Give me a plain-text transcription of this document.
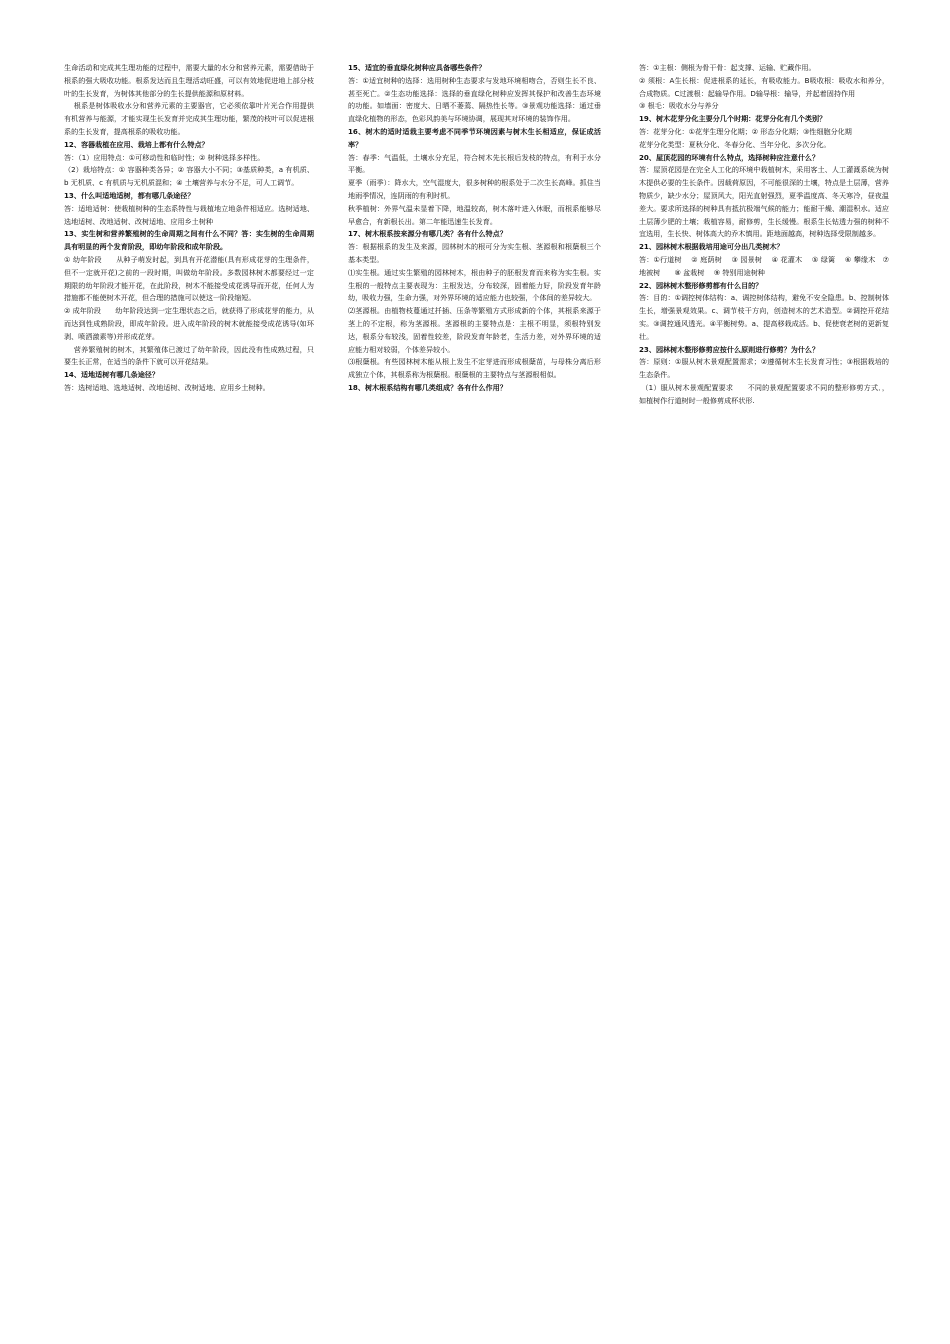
生命活动和完成其生理功能的过程中，需要大量的水分和营养元素，需要借助于根系的强大吸收功能。根系发达而且生理活动旺盛，可以有效地促进地上部分枝叶的生长发育，为树体其他部分的生长提供能源和原材料。

根系是树体吸收水分和营养元素的主要器官，它必须依靠叶片光合作用提供有机营养与能源，才能实现生长发育并完成其生理功能，繁茂的枝叶可以促进根系的生长发育，提高根系的吸收功能。

12、容器栽植在应用、栽培上都有什么特点？

答：（1）应用特点：①可移动性和临时性；② 树种选择多样性。

（2）栽培特点：① 容器种类各异；② 容器大小不同；③基质种类，a 有机质、b 无机质、c 有机质与无机质混和；④ 土壤营养与水分不足，可人工调节。

13、什么叫适地适树，都有哪几条途径？

答：适地适树：使栽植树种的生态系特性与栽植地立地条件相适应。选树适地、选地适树、改地适树、改树适地、应用乡土树种

13、实生树和营养繁殖树的生命周期之间有什么不同？答：实生树的生命周期具有明显的两个发育阶段，即幼年阶段和成年阶段。

① 幼年阶段　　从种子萌发时起，到具有开花潜能(具有形成花芽的生理条件，但不一定就开花)之前的一段时期，叫做幼年阶段。多数园林树木都要经过一定期限的幼年阶段才能开花，在此阶段，树木不能接受成花诱导而开花，任何人为措施都不能使树木开花，但合理的措施可以使这一阶段缩短。

② 成年阶段　　幼年阶段达到一定生理状态之后，就获得了形成花芽的能力，从而达到性成熟阶段，即成年阶段。进入成年阶段的树木就能接受成花诱导(如环剥、喷洒激素等)并形成花芽。

营养繁殖树的树木，其繁殖体已渡过了幼年阶段，因此没有性成熟过程，只要生长正常，在适当的条件下就可以开花结果。

14、适地适树有哪几条途径？

答：选树适地、选地适树、改地适树、改树适地、应用乡土树种。

15、适宜的垂直绿化树种应具备哪些条件？

答：①适宜树种的选择：选用树种生态要求与发地环境相吻合，否则生长不良、甚至死亡。②生态功能选择：选择的垂直绿化树种应发挥其保护和改善生态环境的功能。如墙面：密度大、日晒不萎蔫、隔热性长等。③景观功能选择：通过垂直绿化植物的形态，色彩风韵美与环境协调，展现其对环境的装饰作用。

16、树木的适时适栽主要考虑不同季节环境因素与树木生长相适应，保证成活率？

答：春季：气温低，土壤水分充足，符合树木先长根后发枝的特点，有利于水分平衡。

夏季（雨季）：降水大，空气湿度大，很多树种的根系处于二次生长高峰。抓住当地雨季情况，连阴雨的有利时机。

秋季植树：外界气温未显着下降，地温较高，树木落叶进入休眠，而根系能够尽早愈合，有新根长出。第二年能迅速生长发育。

17、树木根系按来源分有哪几类？各有什么特点？

答：根据根系的发生及来源，园林树木的根可分为实生根、茎源根和根蘖根三个基本类型。

⑴实生根。通过实生繁殖的园林树木，根由种子的胚根发育而来称为实生根。实生根的一般特点主要表现为：主根发达，分布较深，固着能力好，阶段发育年龄幼，吸收力强，生命力强，对外界环境的适应能力也较强，个体间的差异较大。

⑵茎源根。由植物枝蔓通过扦插、压条等繁殖方式形成新的个体，其根系来源于茎上的不定根，称为茎源根。茎源根的主要特点是：主根不明显，须根特别发达，根系分布较浅，固着性较差，阶段发育年龄老，生活力差，对外界环境的适应能力相对较弱，个体差异较小。

⑶根蘖根。有些园林树木能从根上发生不定芽进而形成根蘖苗，与母株分离后形成独立个体，其根系称为根蘖根。根蘖根的主要特点与茎源根相似。

18、树木根系结构有哪几类组成？各有什么作用？

答：①主根：侧根为骨干骨：起支撑、运输、贮藏作用。

② 须根：A生长根：促进根系的延长，有吸收能力。B吸收根：吸收水和养分，合成物质。C过渡根：起输导作用。D输导根：输导，并起着固持作用

③ 根毛：吸收水分与养分

19、树木花芽分化主要分几个时期：花芽分化有几个类别？

答：花芽分化：①花芽生理分化期；② 形态分化期；③性细胞分化期

花芽分化类型：夏秋分化、冬春分化、当年分化、多次分化。

20、屋顶花园的环境有什么特点，选择树种应注意什么？

答：屋顶花园是在完全人工化的环境中栽植树木，采用客土、人工灌溉系统为树木提供必要的生长条件。因载荷原因，不可能很深的土壤，特点是土层薄，营养物质少，缺少水分；屋顶风大，阳光直射强烈，夏季温度高、冬天寒冷，昼夜温差大。要求所选择的树种具有抵抗极端气候的能力；能耐干燥、潮湿积水。适应土层薄少肥的土壤；栽植容易，耐修剪，生长缓慢。根系生长钻透力强的树种不宜选用，生长快、树体高大的乔木慎用。距地面越高，树种选择受限制越多。

21、园林树木根据栽培用途可分出几类树木？

答：①行道树　 ② 庭荫树　 ③ 园景树　 ④ 花灌木　 ⑤ 绿篱　 ⑥ 攀缘木　⑦地被树　　⑧ 盆栽树　 ⑨ 特别用途树种

22、园林树木整形修剪都有什么目的？

答：目的：①调控树体结构：a、调控树体结构，避免不安全隐患。b、控制树体生长，增强景观效果。c、调节枝干方向，创造树木的艺术造型。②调控开花结实。③调控通风透光。④平衡树势。a、提高移栽成活。b、促使衰老树的更新复壮。

23、园林树木整形修剪应按什么原则进行修剪？为什么？

答：原则：①服从树木景观配置需求；②遵循树木生长发育习性；③根据栽培的生态条件。

（1）服从树木景观配置要求　　不同的景观配置要求不同的整形修剪方式．，如植树作行道树时一般修剪成杯状形.
